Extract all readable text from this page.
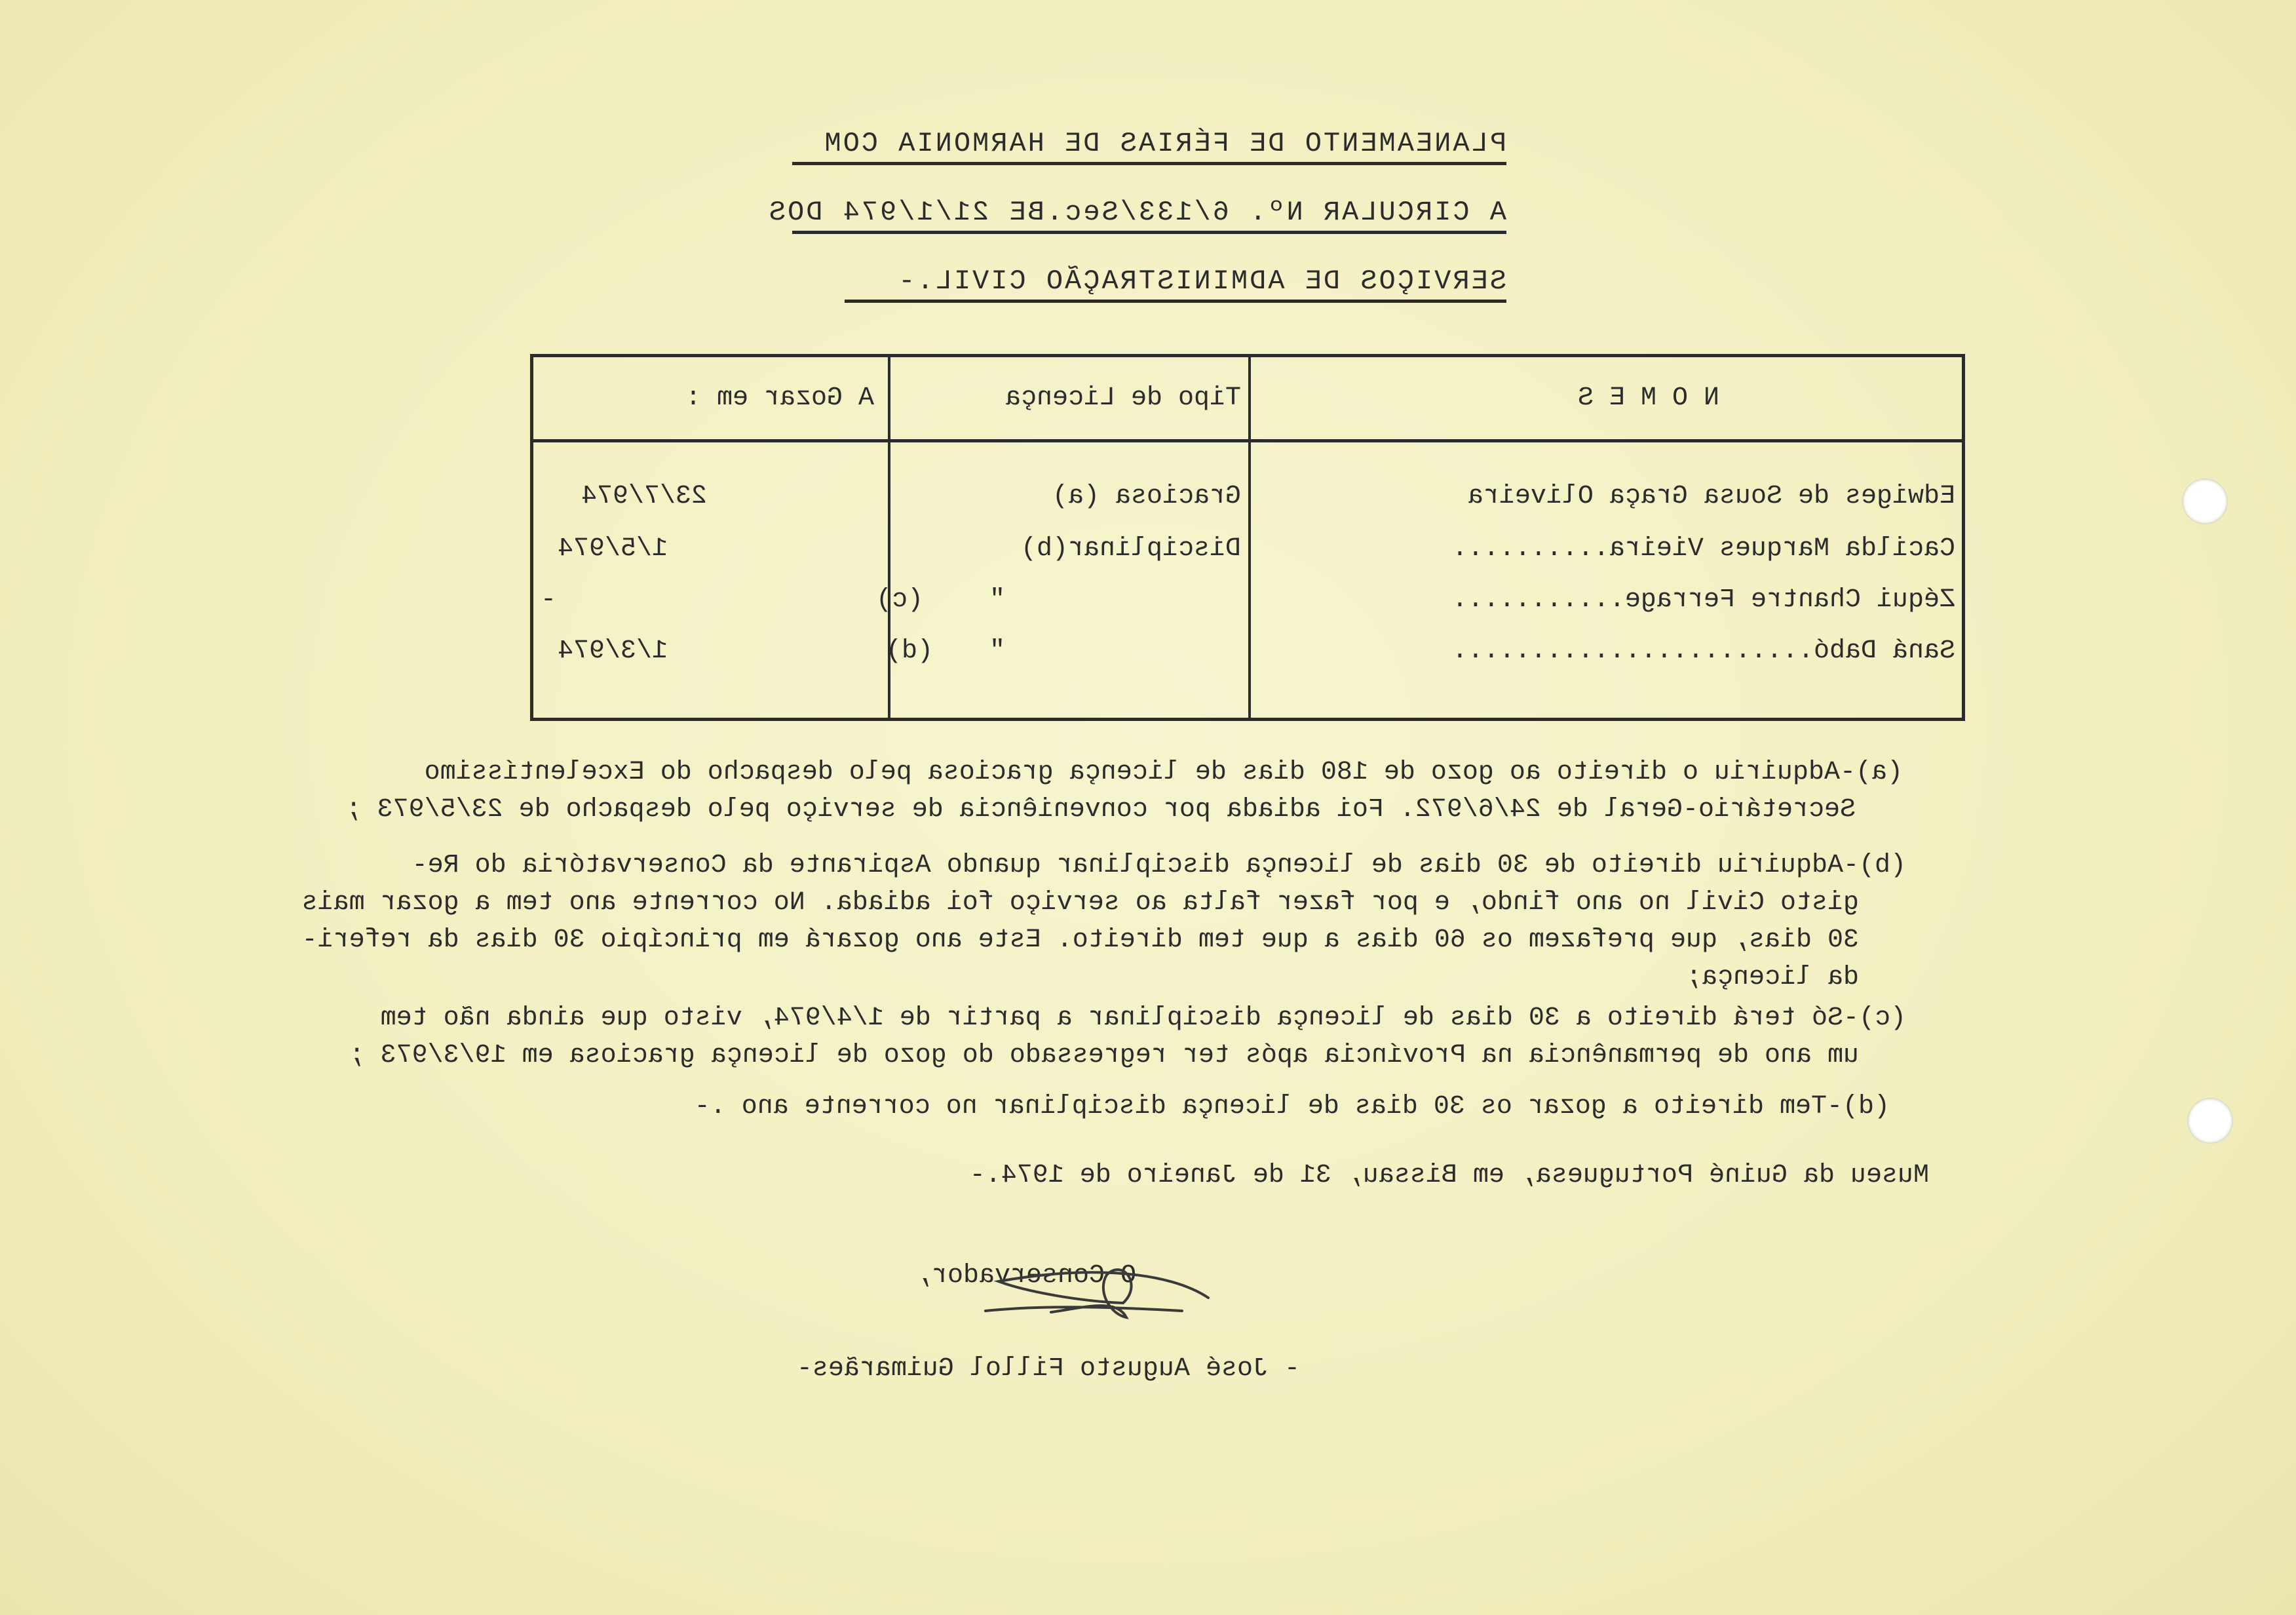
PLANEAMENTO DE FÉRIAS DE HARMONIA COM
A CIRCULAR Nº. 6/133/Sec.BE 21/1/974 DOS
SERVIÇOS DE ADMINISTRAÇÃO CIVIL.-
N O M E S
Tipo de Licença
A Gozar em :
Edwiges de Sousa Graça Oliveira
Graciosa (a)
23/7/974
Cacilda Marques Vieira..........
Disciplinar(b)
1/5/974
Zéqui Chantre Ferrage...........
"
(c)
-
Saná Dabó.......................
"
(d)
1/3/974
(a)-Adquiriu o direito ao gozo de 180 dias de licença graciosa pelo despacho do Excelentíssimo
Secretário-Geral de 24/6/972. Foi adiada por conveniência de serviço pelo despacho de 23/5/973 ;
(b)-Adquiriu direito de 30 dias de licença disciplinar quando Aspirante da Conservatória do Re-
gisto Civil no ano findo, e por fazer falta ao serviço foi adiada. No corrente ano tem a gozar mais
30 dias, que prefazem os 60 dias a que tem direito. Este ano gozará em princípio 30 dias da referi-
da licença;
(c)-Só terá direito a 30 dias de licença disciplinar a partir de 1/4/974, visto que ainda não tem
um ano de permanência na Província após ter regressado do gozo de licença graciosa em 19/3/973 ;
(d)-Tem direito a gozar os 30 dias de licença disciplinar no corrente ano .-
Museu da Guiné Portuguesa, em Bissau, 31 de Janeiro de 1974.-
O Conservador,
- José Augusto Fillol Guimarães-
